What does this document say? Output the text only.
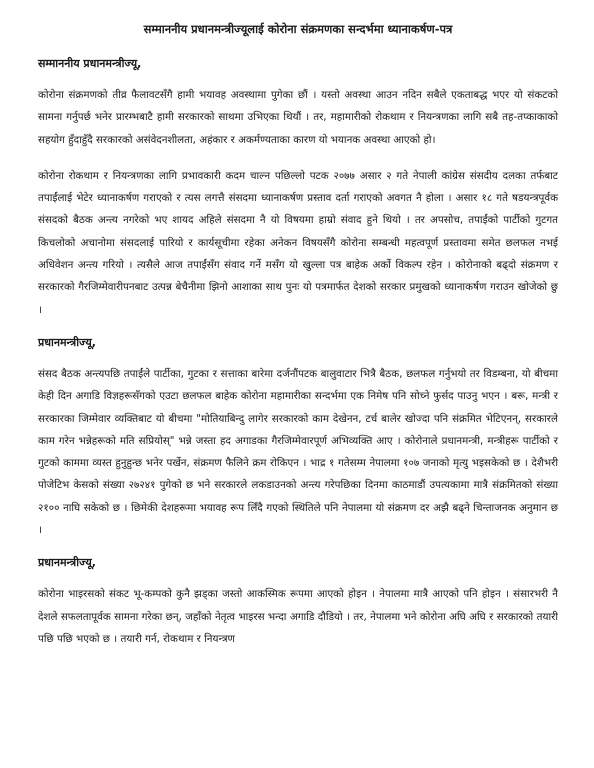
सम्माननीय प्रधानमन्त्रीज्यूलाई कोरोना संक्रमणका सन्दर्भमा ध्यानाकर्षण-पत्र
सम्माननीय प्रधानमन्त्रीज्यू,

कोरोना संक्रमणको तीव्र फैलावटसँगै हामी भयावह अवस्थामा पुगेका छौं । यस्तो अवस्था आउन नदिन सबैले एकताबद्ध भएर यो संकटको सामना गर्नुपर्छ भनेर प्रारम्भबाटै हामी सरकारको साथमा उभिएका थियौं । तर, महामारीको रोकथाम र नियन्त्रणका लागि सबै तह-तप्काकाको सहयोग हुँदाहुँदै सरकारको असंवेदनशीलता, अहंकार र अकर्मण्यताका कारण यो भयानक अवस्था आएको हो।

कोरोना रोकथाम र नियन्त्रणका लागि प्रभावकारी कदम चाल्न पछिल्लो पटक २०७७ असार २ गते नेपाली कांग्रेस संसदीय दलका तर्फबाट तपाईंलाई भेटेर ध्यानाकर्षण गराएको र त्यस लगत्तै संसदमा ध्यानाकर्षण प्रस्ताव दर्ता गराएको अवगत नै होला । असार १८ गते षडयन्त्रपूर्वक संसदको बैठक अन्त्य नगरेको भए शायद अहिले संसदमा नै यो विषयमा हाम्रो संवाद हुने थियो । तर अपसोच, तपाईंको पार्टीको गुटगत किचलोको अचानोमा संसदलाई पारियो र कार्यसूचीमा रहेका अनेकन विषयसँगै कोरोना सम्बन्धी महत्वपूर्ण प्रस्तावमा समेत छलफल नभई अधिवेशन अन्त्य गरियो । त्यसैले आज तपाईंसँग संवाद गर्ने मसँग यो खुल्ला पत्र बाहेक अर्को विकल्प रहेन । कोरोनाको बढ्दो संक्रमण र सरकारको गैरजिम्मेवारीपनबाट उत्पन्न बेचैनीमा झिनो आशाका साथ पुनः यो पत्रमार्फत देशको सरकार प्रमुखको ध्यानाकर्षण गराउन खोजेको छु ।

प्रधानमन्त्रीज्यू,

संसद बैठक अन्त्यपछि तपाईंले पार्टीका, गुटका र सत्ताका बारेमा दर्जनौंपटक बालुवाटार भित्रै बैठक, छलफल गर्नुभयो तर विडम्बना, यो बीचमा केही दिन अगाडि विज्ञहरूसँगको एउटा छलफल बाहेक कोरोना महामारीका सन्दर्भमा एक निमेष पनि सोच्ने फुर्सद पाउनु भएन । बरू, मन्त्री र सरकारका जिम्मेवार व्यक्तिबाट यो बीचमा "मोतियाबिन्दु लागेर सरकारको काम देखेनन, टर्च बालेर खोज्दा पनि संक्रमित भेटिएनन्, सरकारले काम गरेन भन्नेहरूको मति सप्रियोस्" भन्ने जस्ता हद अगाडका गैरजिम्मेवारपूर्ण अभिव्यक्ति आए । कोरोनाले प्रधानमन्त्री, मन्त्रीहरू पार्टीको र गुटको काममा व्यस्त हुनुहुन्छ भनेर पर्खेन, संक्रमण फैलिने क्रम रोकिएन । भाद्र १ गतेसम्म नेपालमा १०७ जनाको मृत्यु भइसकेको छ । देशैभरी पोजेटिभ केसको संख्या २७२४१ पुगेको छ भने सरकारले लकडाउनको अन्त्य गरेपछिका दिनमा काठमाडौं उपत्यकामा मात्रै संक्रमितको संख्या २१०० नाघि सकेको छ । छिमेकी देशहरूमा भयावह रूप लिँदै गएको स्थितिले पनि नेपालमा यो संक्रमण दर अझै बढ्ने चिन्ताजनक अनुमान छ ।

प्रधानमन्त्रीज्यू,

कोरोना भाइरसको संकट भू-कम्पको कुनै झड्का जस्तो आकस्मिक रूपमा आएको होइन । नेपालमा मात्रै आएको पनि होइन । संसारभरी नै देशले सफलतापूर्वक सामना गरेका छन्, जहाँको नेतृत्व भाइरस भन्दा अगाडि दौडियो । तर, नेपालमा भने कोरोना अघि अघि र सरकारको तयारी पछि पछि भएको छ । तयारी गर्न, रोकथाम र नियन्त्रण
